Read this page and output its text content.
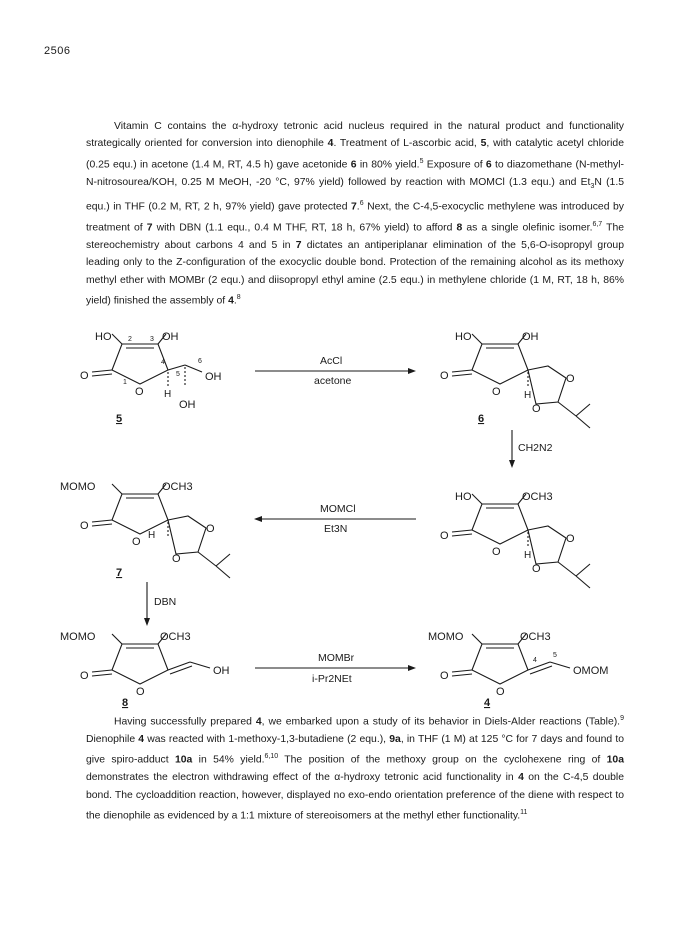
2506

Vitamin C contains the α-hydroxy tetronic acid nucleus required in the natural product and functionality strategically oriented for conversion into dienophile 4. Treatment of L-ascorbic acid, 5, with catalytic acetyl chloride (0.25 equ.) in acetone (1.4 M, RT, 4.5 h) gave acetonide 6 in 80% yield.$^5$ Exposure of 6 to diazomethane (N-methyl-N-nitrosourea/KOH, 0.25 M MeOH, -20 °C, 97% yield) followed by reaction with MOMCl (1.3 equ.) and $Et_3N$ (1.5 equ.) in THF (0.2 M, RT, 2 h, 97% yield) gave protected 7.$^6$ Next, the C-4,5-exocyclic methylene was introduced by treatment of 7 with DBN (1.1 equ., 0.4 M THF, RT, 18 h, 67% yield) to afford 8 as a single olefinic isomer.$^{6,7}$ The stereochemistry about carbons 4 and 5 in 7 dictates an antiperiplanar elimination of the 5,6-O-isopropyl group leading only to the Z-configuration of the exocyclic double bond. Protection of the remaining alcohol as its methoxy methyl ether with MOMBr (2 equ.) and diisopropyl ethyl amine (2.5 equ.) in methylene chloride (1 M, RT, 18 h, 86% yield) finished the assembly of 4.$^8$

HO	OH
O
O
OH
H
OH
1
2	3
4
5
6
5
AcCl
acetone
HO	OH
O
O H
O
O
6
CH2N2
HO	OCH3
O
O H
O
O
MOMCl
Et3N
MOMO	OCH3
O
O
H
O
O
7
DBN
MOMO	OCH3
O
O
OH
8
MOMBr
i-Pr2NEt
MOMO	OCH3
O
O
OMOM
4
5
4

Having successfully prepared 4, we embarked upon a study of its behavior in Diels-Alder reactions (Table).$^9$ Dienophile 4 was reacted with 1-methoxy-1,3-butadiene (2 equ.), 9a, in THF (1 M) at 125 °C for 7 days and found to give spiro-adduct 10a in 54% yield.$^{6,10}$ The position of the methoxy group on the cyclohexene ring of 10a demonstrates the electron withdrawing effect of the α-hydroxy tetronic acid functionality in 4 on the C-4,5 double bond. The cycloaddition reaction, however, displayed no exo-endo orientation preference of the diene with respect to the dienophile as evidenced by a 1:1 mixture of stereoisomers at the methyl ether functionality.$^{11}$
